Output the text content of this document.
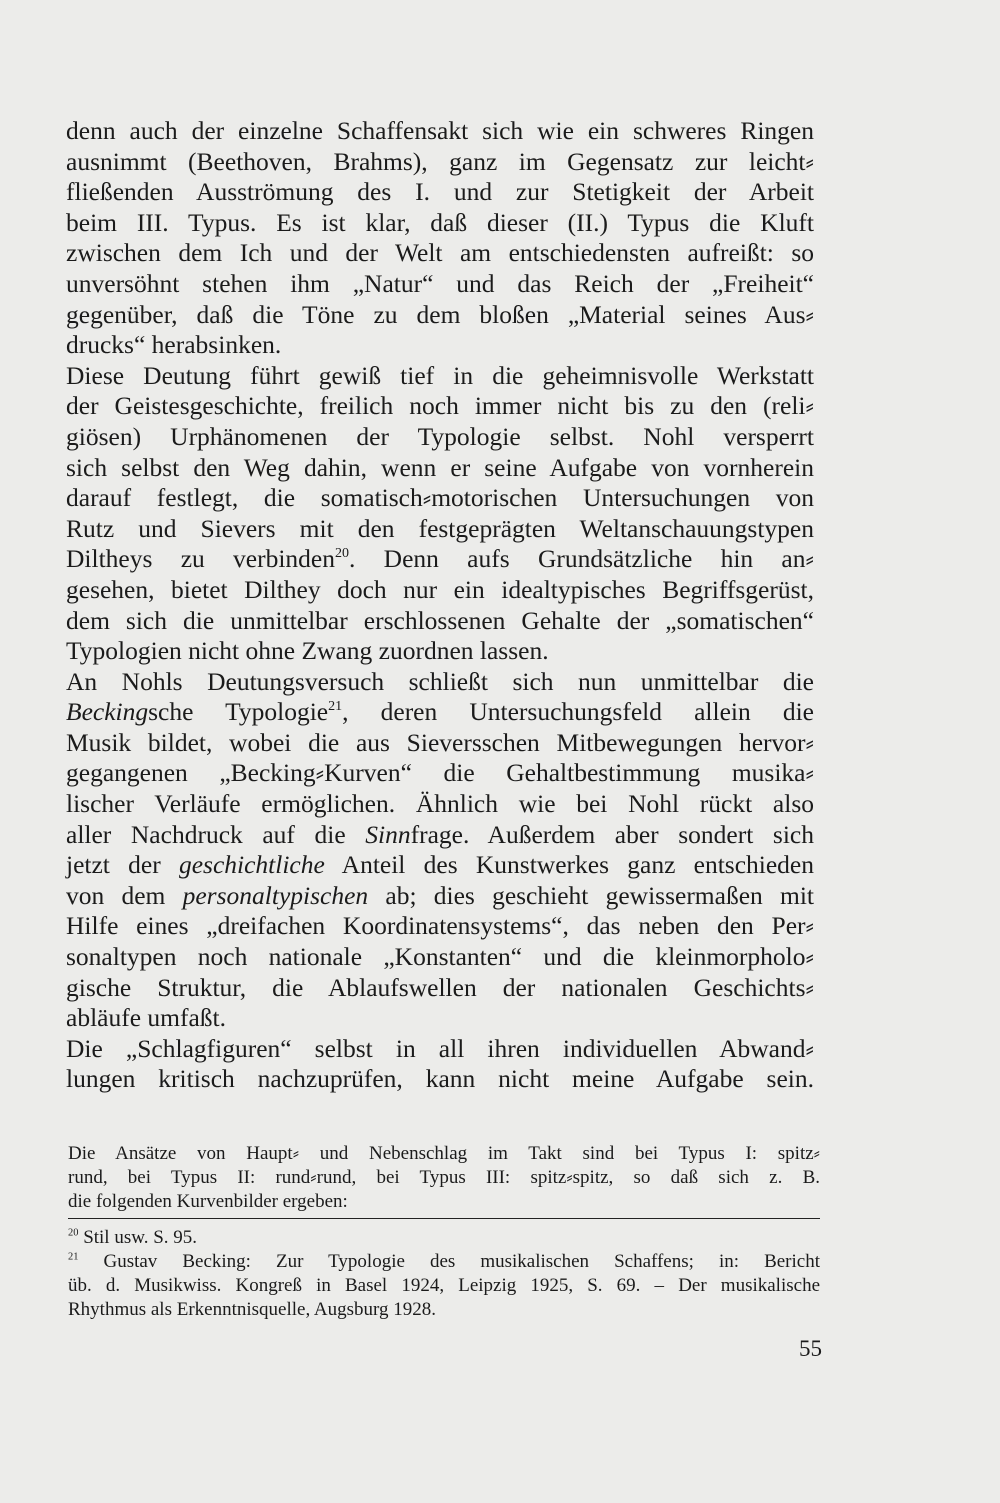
denn auch der einzelne Schaffensakt sich wie ein schweres Ringen
ausnimmt (Beethoven, Brahms), ganz im Gegensatz zur leicht⸗
fließenden Ausströmung des I. und zur Stetigkeit der Arbeit
beim III. Typus. Es ist klar, daß dieser (II.) Typus die Kluft
zwischen dem Ich und der Welt am entschiedensten aufreißt: so
unversöhnt stehen ihm „Natur“ und das Reich der „Freiheit“
gegenüber, daß die Töne zu dem bloßen „Material seines Aus⸗
drucks“ herabsinken.
Diese Deutung führt gewiß tief in die geheimnisvolle Werkstatt
der Geistesgeschichte, freilich noch immer nicht bis zu den (reli⸗
giösen) Urphänomenen der Typologie selbst. Nohl versperrt
sich selbst den Weg dahin, wenn er seine Aufgabe von vornherein
darauf festlegt, die somatisch⸗motorischen Untersuchungen von
Rutz und Sievers mit den festgeprägten Weltanschauungstypen
Diltheys zu verbinden$^{20}$. Denn aufs Grundsätzliche hin an⸗
gesehen, bietet Dilthey doch nur ein idealtypisches Begriffsgerüst,
dem sich die unmittelbar erschlossenen Gehalte der „somatischen“
Typologien nicht ohne Zwang zuordnen lassen.
An Nohls Deutungsversuch schließt sich nun unmittelbar die
Beckingsche Typologie$^{21}$, deren Untersuchungsfeld allein die
Musik bildet, wobei die aus Sieversschen Mitbewegungen hervor⸗
gegangenen „Becking⸗Kurven“ die Gehaltbestimmung musika⸗
lischer Verläufe ermöglichen. Ähnlich wie bei Nohl rückt also
aller Nachdruck auf die Sinnfrage. Außerdem aber sondert sich
jetzt der geschichtliche Anteil des Kunstwerkes ganz entschieden
von dem personaltypischen ab; dies geschieht gewissermaßen mit
Hilfe eines „dreifachen Koordinatensystems“, das neben den Per⸗
sonaltypen noch nationale „Konstanten“ und die kleinmorpholo⸗
gische Struktur, die Ablaufswellen der nationalen Geschichts⸗
abläufe umfaßt.
Die „Schlagfiguren“ selbst in all ihren individuellen Abwand⸗
lungen kritisch nachzuprüfen, kann nicht meine Aufgabe sein.
Die Ansätze von Haupt⸗ und Nebenschlag im Takt sind bei Typus I: spitz⸗
rund, bei Typus II: rund⸗rund, bei Typus III: spitz⸗spitz, so daß sich z. B.
die folgenden Kurvenbilder ergeben:
$^{20}$ Stil usw. S. 95.
$^{21}$ Gustav Becking: Zur Typologie des musikalischen Schaffens; in: Bericht
üb. d. Musikwiss. Kongreß in Basel 1924, Leipzig 1925, S. 69. – Der musikalische
Rhythmus als Erkenntnisquelle, Augsburg 1928.
55
